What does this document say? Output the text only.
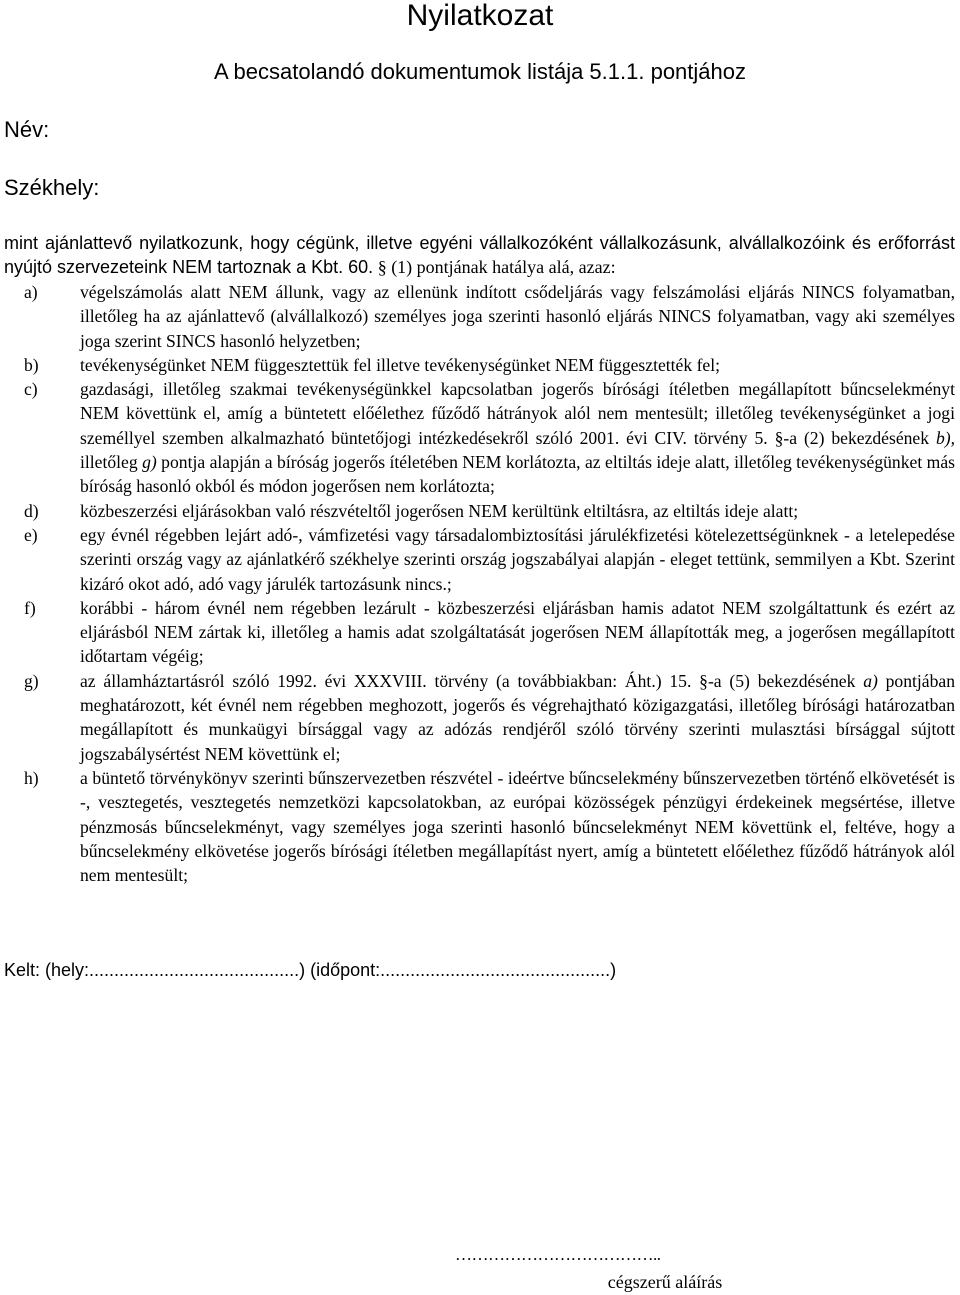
Nyilatkozat
A becsatolandó dokumentumok listája 5.1.1. pontjához
Név:
Székhely:
mint ajánlattevő nyilatkozunk, hogy cégünk, illetve egyéni vállalkozóként vállalkozásunk, alvállalkozóink és erőforrást nyújtó szervezeteink NEM tartoznak a Kbt. 60. § (1) pontjának hatálya alá, azaz:
a) végelszámolás alatt NEM állunk, vagy az ellenünk indított csődeljárás vagy felszámolási eljárás NINCS folyamatban, illetőleg ha az ajánlattevő (alvállalkozó) személyes joga szerinti hasonló eljárás NINCS folyamatban, vagy aki személyes joga szerint SINCS hasonló helyzetben;
b) tevékenységünket NEM függesztettük fel illetve tevékenységünket NEM függesztették fel;
c) gazdasági, illetőleg szakmai tevékenységünkkel kapcsolatban jogerős bírósági ítéletben megállapított bűncselekményt NEM követtünk el, amíg a büntetett előélethez fűződő hátrányok alól nem mentesült; illetőleg tevékenységünket a jogi személlyel szemben alkalmazható büntetőjogi intézkedésekről szóló 2001. évi CIV. törvény 5. §-a (2) bekezdésének b), illetőleg g) pontja alapján a bíróság jogerős ítéletében NEM korlátozta, az eltiltás ideje alatt, illetőleg tevékenységünket más bíróság hasonló okból és módon jogerősen nem korlátozta;
d) közbeszerzési eljárásokban való részvételtől jogerősen NEM kerültünk eltiltásra, az eltiltás ideje alatt;
e) egy évnél régebben lejárt adó-, vámfizetési vagy társadalombiztosítási járulékfizetési kötelezettségünknek - a letelepedése szerinti ország vagy az ajánlatkérő székhelye szerinti ország jogszabályai alapján - eleget tettünk, semmilyen a Kbt. Szerint kizáró okot adó, adó vagy járulék tartozásunk nincs.;
f)	korábbi - három évnél nem régebben lezárult - közbeszerzési eljárásban hamis adatot NEM szolgáltattunk és ezért az eljárásból NEM zártak ki, illetőleg a hamis adat szolgáltatását jogerősen NEM állapították meg, a jogerősen megállapított időtartam végéig;
g) az államháztartásról szóló 1992. évi XXXVIII. törvény (a továbbiakban: Áht.) 15. §-a (5) bekezdésének a) pontjában meghatározott, két évnél nem régebben meghozott, jogerős és végrehajtható közigazgatási, illetőleg bírósági határozatban megállapított és munkaügyi bírsággal vagy az adózás rendjéről szóló törvény szerinti mulasztási bírsággal sújtott jogszabálysértést NEM követtünk el;
h) a büntető törvénykönyv szerinti bűnszervezetben részvétel - ideértve bűncselekmény bűnszervezetben történő elkövetését is -, vesztegetés, vesztegetés nemzetközi kapcsolatokban, az európai közösségek pénzügyi érdekeinek megsértése, illetve pénzmosás bűncselekményt, vagy személyes joga szerinti hasonló bűncselekményt NEM követtünk el, feltéve, hogy a bűncselekmény elkövetése jogerős bírósági ítéletben megállapítást nyert, amíg a büntetett előélethez fűződő hátrányok alól nem mentesült;
Kelt: (hely:..........................................) (időpont:..............................................)
………………………………..
cégszerű aláírás
